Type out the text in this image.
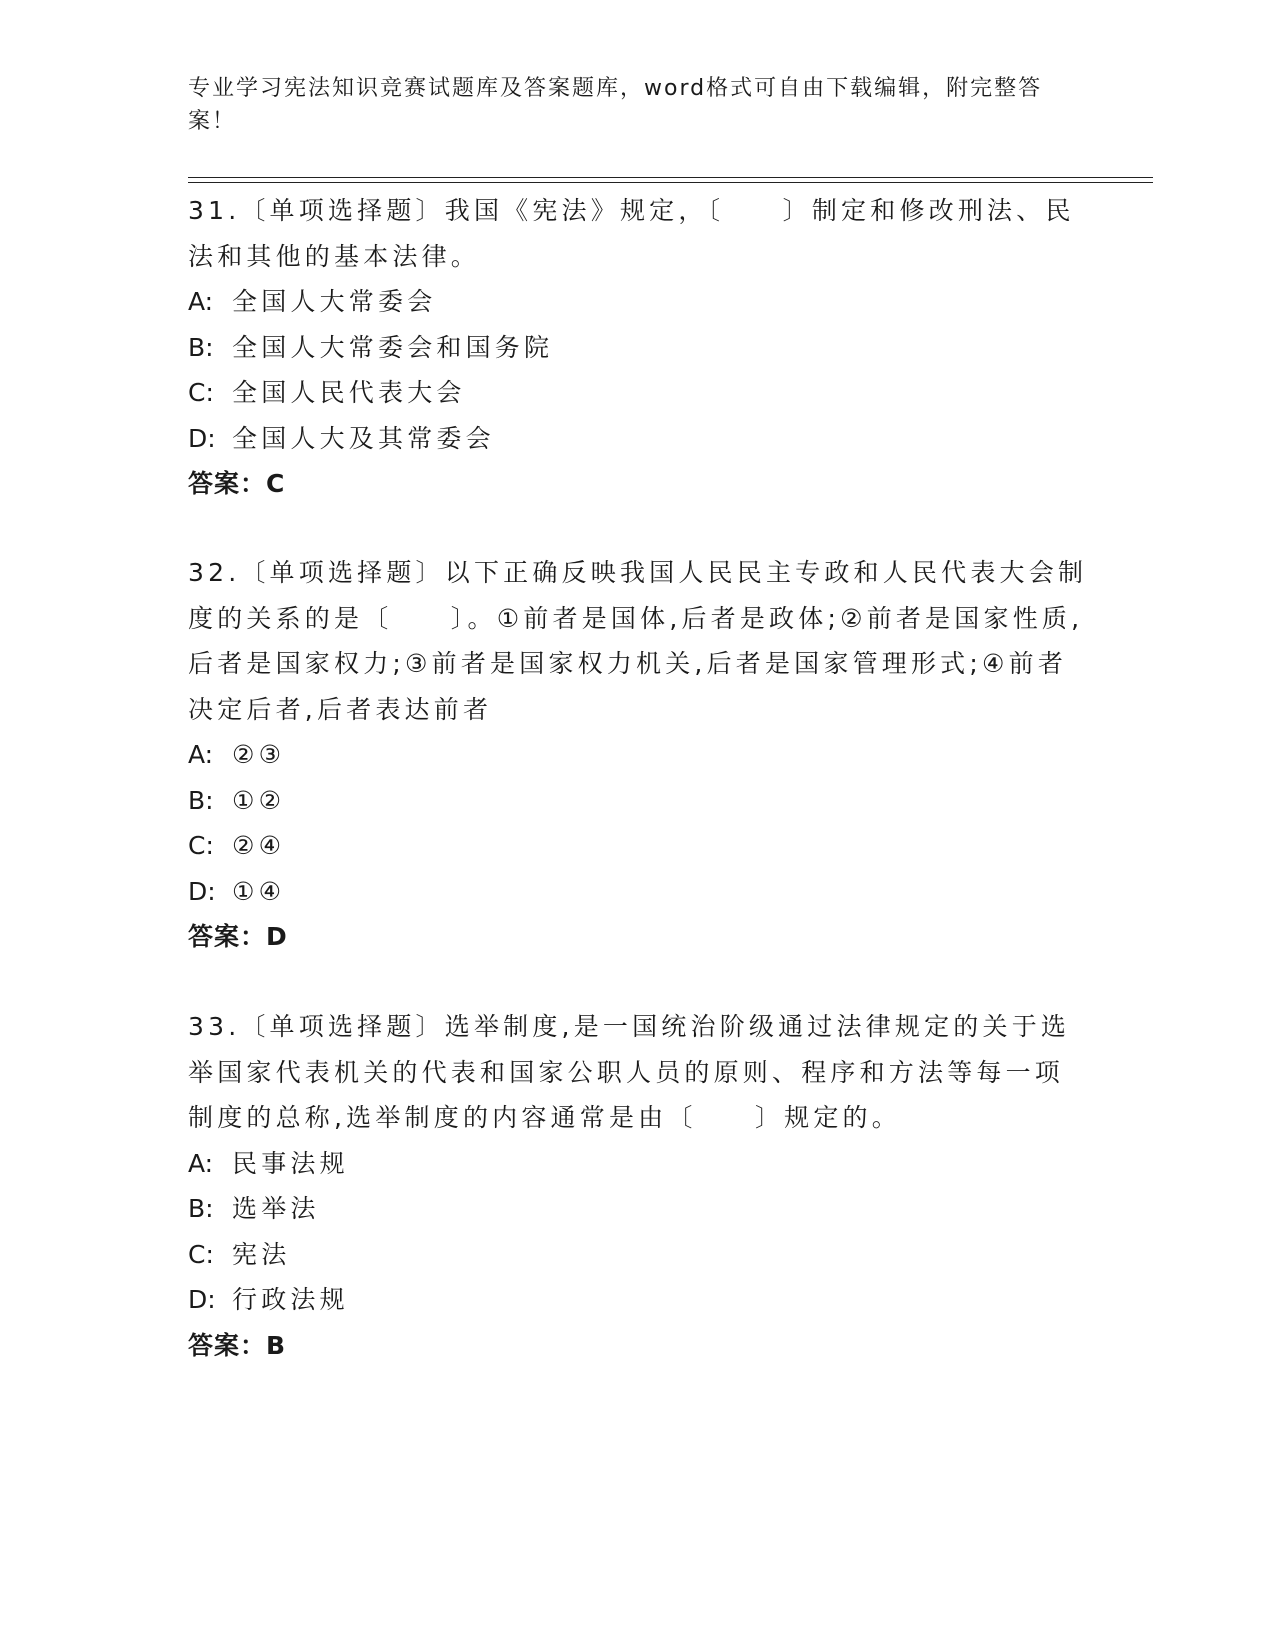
专业学习宪法知识竞赛试题库及答案题库，word格式可自由下载编辑，附完整答案！

31.〔单项选择题〕我国《宪法》规定，〔　　〕制定和修改刑法、民法和其他的基本法律。

A: 全国人大常委会

B: 全国人大常委会和国务院

C: 全国人民代表大会

D: 全国人大及其常委会

答案：C

32.〔单项选择题〕以下正确反映我国人民民主专政和人民代表大会制度的关系的是〔　　〕。①前者是国体,后者是政体;②前者是国家性质,后者是国家权力;③前者是国家权力机关,后者是国家管理形式;④前者决定后者,后者表达前者

A: ②③

B: ①②

C: ②④

D: ①④

答案：D

33.〔单项选择题〕选举制度,是一国统治阶级通过法律规定的关于选举国家代表机关的代表和国家公职人员的原则、程序和方法等每一项制度的总称,选举制度的内容通常是由〔　　〕规定的。

A: 民事法规

B: 选举法

C: 宪法

D: 行政法规

答案：B
